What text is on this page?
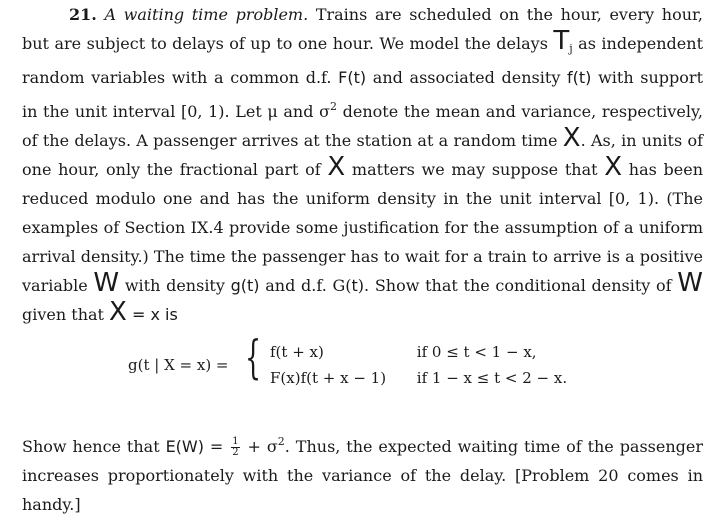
21. A waiting time problem. Trains are scheduled on the hour, every hour, but are subject to delays of up to one hour. We model the delays $T_j$ as independent random variables with a common d.f. F(t) and associated density f(t) with support in the unit interval [0, 1). Let μ and $\sigma^2$ denote the mean and variance, respectively, of the delays. A passenger arrives at the station at a random time X. As, in units of one hour, only the fractional part of X matters we may suppose that X has been reduced modulo one and has the uniform density in the unit interval [0, 1). (The examples of Section IX.4 provide some justification for the assumption of a uniform arrival density.) The time the passenger has to wait for a train to arrive is a positive variable W with density g(t) and d.f. G(t). Show that the conditional density of W given that X = x is

g(t | X = x) = { f(t + x)	if 0 ≤ t < 1 − x,
F(x)f(t + x − 1) if 1 − x ≤ t < 2 − x.
Show hence that $E(W) = \frac{1}{2} + \sigma^2$. Thus, the expected waiting time of the passenger increases proportionately with the variance of the delay. [Problem 20 comes in handy.]
